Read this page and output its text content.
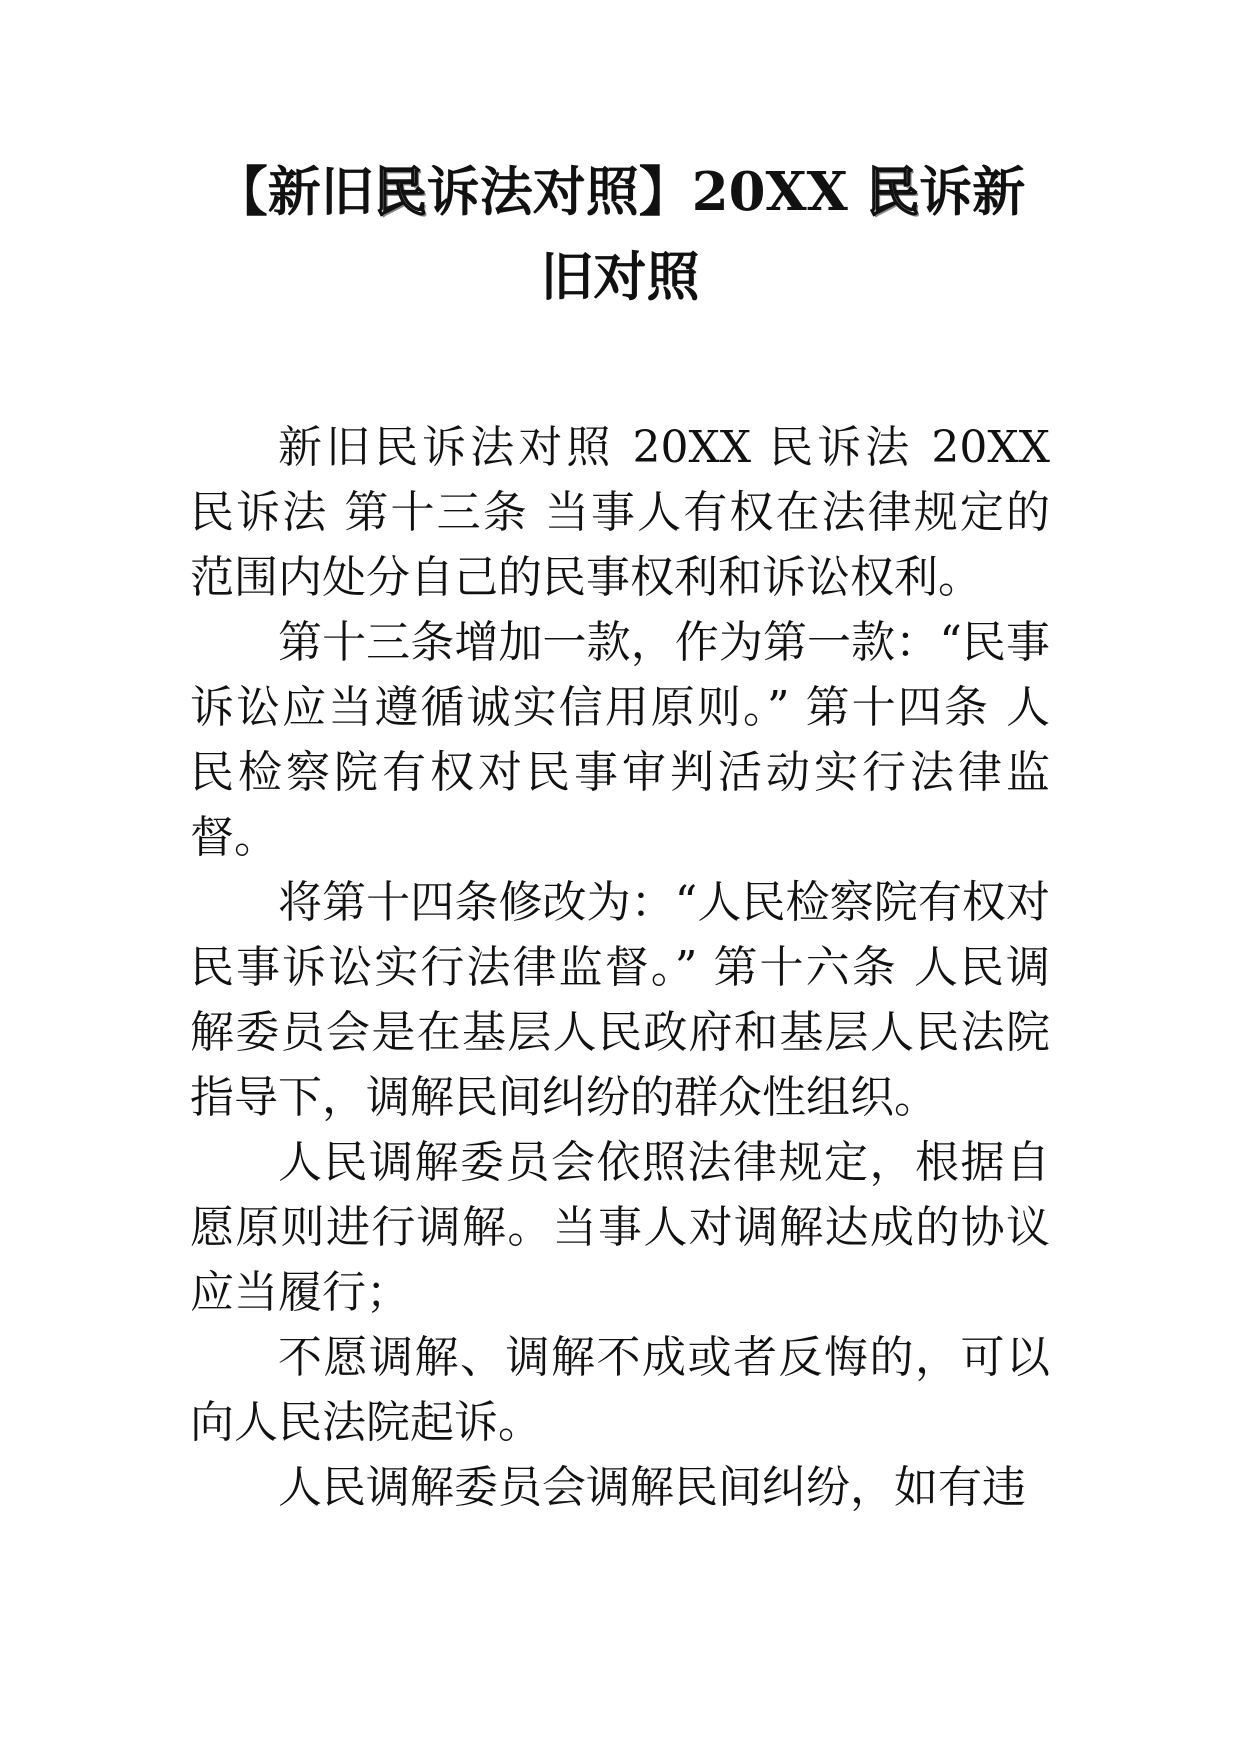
【新旧民诉法对照】20XX 民诉新旧对照

新旧民诉法对照 20XX 民诉法 20XX 民诉法 第十三条 当事人有权在法律规定的范围内处分自己的民事权利和诉讼权利。

第十三条增加一款，作为第一款：“民事诉讼应当遵循诚实信用原则。” 第十四条 人民检察院有权对民事审判活动实行法律监督。

将第十四条修改为：“人民检察院有权对民事诉讼实行法律监督。” 第十六条 人民调解委员会是在基层人民政府和基层人民法院指导下，调解民间纠纷的群众性组织。

人民调解委员会依照法律规定，根据自愿原则进行调解。当事人对调解达成的协议应当履行；

不愿调解、调解不成或者反悔的，可以向人民法院起诉。

人民调解委员会调解民间纠纷，如有违
